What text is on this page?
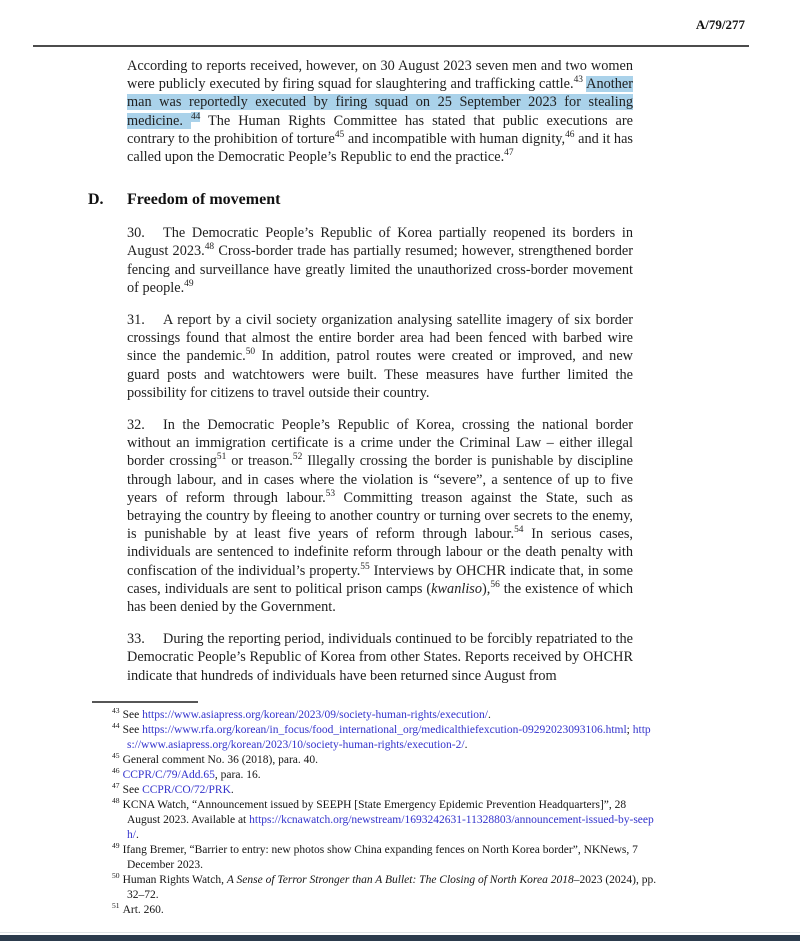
A/79/277

According to reports received, however, on 30 August 2023 seven men and two women were publicly executed by firing squad for slaughtering and trafficking cattle.$^{43}$ Another man was reportedly executed by firing squad on 25 September 2023 for stealing medicine. $^{44}$ The Human Rights Committee has stated that public executions are contrary to the prohibition of torture$^{45}$ and incompatible with human dignity,$^{46}$ and it has called upon the Democratic People’s Republic to end the practice.$^{47}$

D. Freedom of movement

30. The Democratic People’s Republic of Korea partially reopened its borders in August 2023.48 Cross-border trade has partially resumed; however, strengthened border fencing and surveillance have greatly limited the unauthorized cross-border movement of people.$^{49}$

31. A report by a civil society organization analysing satellite imagery of six border crossings found that almost the entire border area had been fenced with barbed wire since the pandemic.$^{50}$ In addition, patrol routes were created or improved, and new guard posts and watchtowers were built. These measures have further limited the possibility for citizens to travel outside their country.

32. In the Democratic People’s Republic of Korea, crossing the national border without an immigration certificate is a crime under the Criminal Law – either illegal border crossing$^{51}$ or treason.$^{52}$ Illegally crossing the border is punishable by discipline through labour, and in cases where the violation is “severe”, a sentence of up to five years of reform through labour.$^{53}$ Committing treason against the State, such as betraying the country by fleeing to another country or turning over secrets to the enemy, is punishable by at least five years of reform through labour.$^{54}$ In serious cases, individuals are sentenced to indefinite reform through labour or the death penalty with confiscation of the individual’s property.$^{55}$ Interviews by OHCHR indicate that, in some cases, individuals are sent to political prison camps (kwanliso),$^{56}$ the existence of which has been denied by the Government.

33. During the reporting period, individuals continued to be forcibly repatriated to the Democratic People’s Republic of Korea from other States. Reports received by OHCHR indicate that hundreds of individuals have been returned since August from

$^{43}$ See https://www.asiapress.org/korean/2023/09/society-human-rights/execution/.
$^{44}$ See https://www.rfa.org/korean/in_focus/food_international_org/medicalthiefexcution-09292023093106.html; https://www.asiapress.org/korean/2023/10/society-human-rights/execution-2/.
$^{45}$ General comment No. 36 (2018), para. 40.
$^{46}$ CCPR/C/79/Add.65, para. 16.
$^{47}$ See CCPR/CO/72/PRK.
$^{48}$ KCNA Watch, “Announcement issued by SEEPH [State Emergency Epidemic Prevention Headquarters]”, 28 August 2023. Available at https://kcnawatch.org/newstream/1693242631-11328803/announcement-issued-by-seeph/.
$^{49}$ Ifang Bremer, “Barrier to entry: new photos show China expanding fences on North Korea border”, NKNews, 7 December 2023.
$^{50}$ Human Rights Watch, A Sense of Terror Stronger than A Bullet: The Closing of North Korea 2018–2023 (2024), pp. 32–72.
$^{51}$ Art. 260.
